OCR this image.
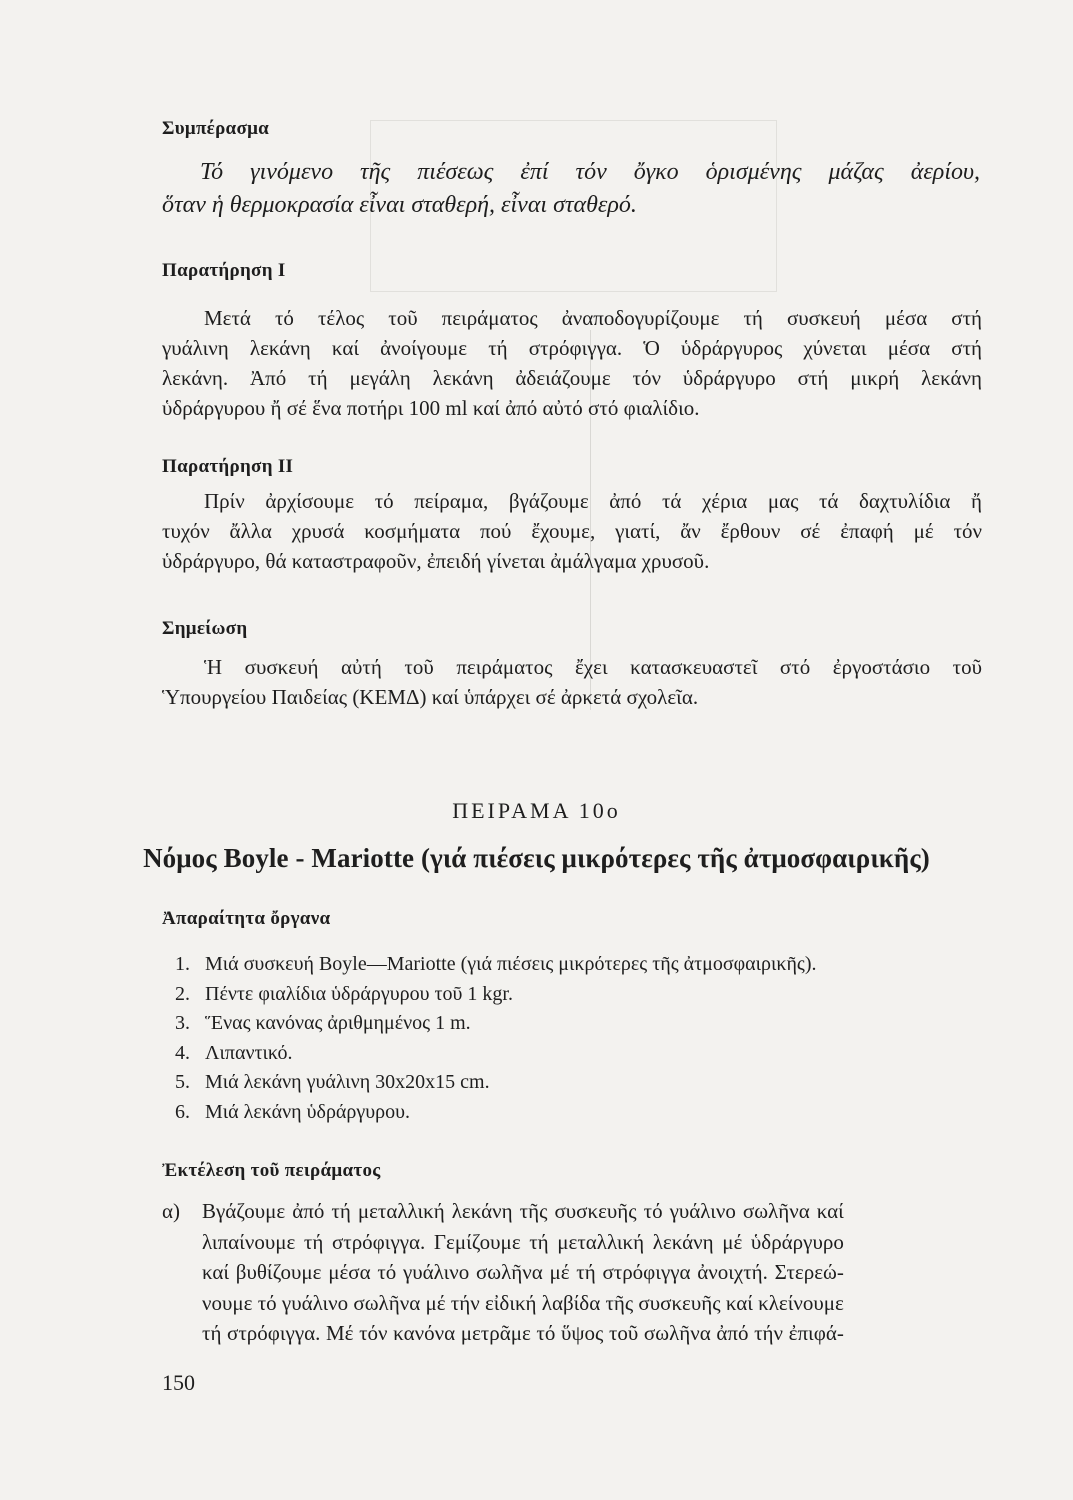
Συμπέρασμα
Τό γινόμενο τῆς πιέσεως ἐπί τόν ὄγκο ὁρισμένης μάζας ἀερίου,
ὅταν ἡ θερμοκρασία εἶναι σταθερή, εἶναι σταθερό.
Παρατήρηση Ι
Μετά τό τέλος τοῦ πειράματος ἀναποδογυρίζουμε τή συσκευή μέσα στή
γυάλινη λεκάνη καί ἀνοίγουμε τή στρόφιγγα. Ὁ ὑδράργυρος χύνεται μέσα στή
λεκάνη. Ἀπό τή μεγάλη λεκάνη ἀδειάζουμε τόν ὑδράργυρο στή μικρή λεκάνη
ὑδράργυρου ἤ σέ ἕνα ποτήρι 100 ml καί ἀπό αὐτό στό φιαλίδιο.
Παρατήρηση ΙΙ
Πρίν ἀρχίσουμε τό πείραμα, βγάζουμε ἀπό τά χέρια μας τά δαχτυλίδια ἤ
τυχόν ἄλλα χρυσά κοσμήματα πού ἔχουμε, γιατί, ἄν ἔρθουν σέ ἐπαφή μέ τόν
ὑδράργυρο, θά καταστραφοῦν, ἐπειδή γίνεται ἀμάλγαμα χρυσοῦ.
Σημείωση
Ἡ συσκευή αὐτή τοῦ πειράματος ἔχει κατασκευαστεῖ στό ἐργοστάσιο τοῦ
Ὑπουργείου Παιδείας (ΚΕΜΔ) καί ὑπάρχει σέ ἀρκετά σχολεῖα.
ΠΕΙΡΑΜΑ 10ο
Νόμος Boyle - Mariotte (γιά πιέσεις μικρότερες τῆς ἀτμοσφαιρικῆς)
Ἀπαραίτητα ὄργανα
1. Μιά συσκευή Boyle—Mariotte (γιά πιέσεις μικρότερες τῆς ἀτμοσφαιρικῆς).
2. Πέντε φιαλίδια ὑδράργυρου τοῦ 1 kgr.
3. Ἕνας κανόνας ἀριθμημένος 1 m.
4. Λιπαντικό.
5. Μιά λεκάνη γυάλινη 30x20x15 cm.
6. Μιά λεκάνη ὑδράργυρου.
Ἐκτέλεση τοῦ πειράματος
α)	Βγάζουμε ἀπό τή μεταλλική λεκάνη τῆς συσκευῆς τό γυάλινο σωλῆνα καί
λιπαίνουμε τή στρόφιγγα. Γεμίζουμε τή μεταλλική λεκάνη μέ ὑδράργυρο
καί βυθίζουμε μέσα τό γυάλινο σωλῆνα μέ τή στρόφιγγα ἀνοιχτή. Στερεώ-
νουμε τό γυάλινο σωλῆνα μέ τήν εἰδική λαβίδα τῆς συσκευῆς καί κλείνουμε
τή στρόφιγγα. Μέ τόν κανόνα μετρᾶμε τό ὕψος τοῦ σωλῆνα ἀπό τήν ἐπιφά-
150
